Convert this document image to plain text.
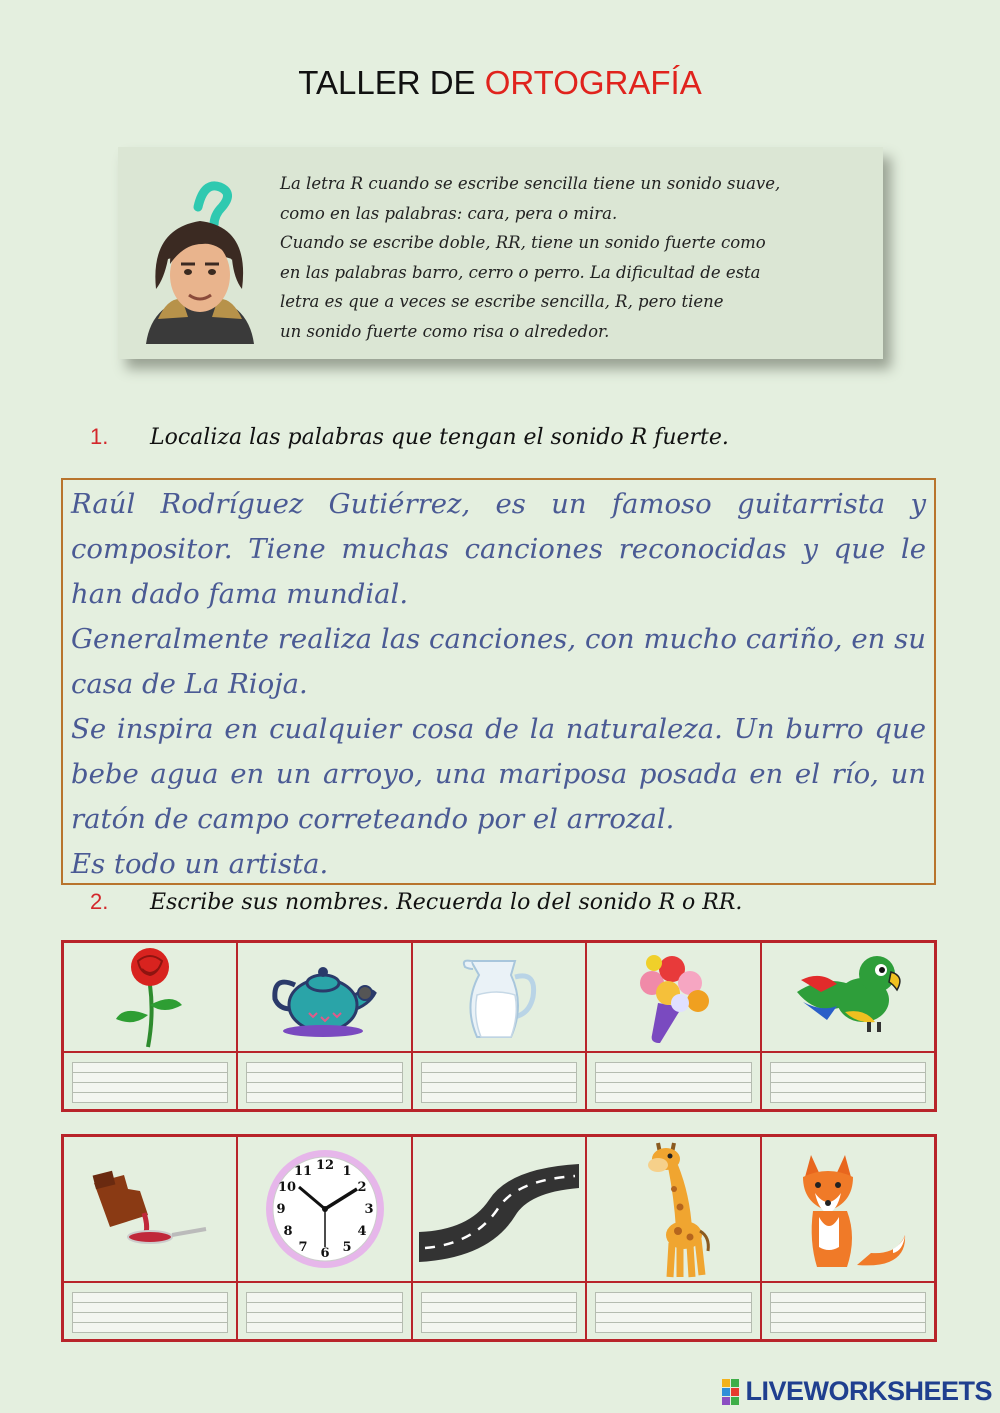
TALLER DE ORTOGRAFÍA
La letra R cuando se escribe sencilla tiene un sonido suave,
como en las palabras: cara, pera o mira.
Cuando se escribe doble, RR, tiene un sonido fuerte como
en las palabras barro, cerro o perro. La dificultad de esta
letra es que a veces se escribe sencilla, R, pero tiene
un sonido fuerte como risa o alrededor.
1. Localiza las palabras que tengan el sonido R fuerte.

Raúl Rodríguez Gutiérrez, es un famoso guitarrista y compositor. Tiene muchas canciones reconocidas y que le han dado fama mundial.

Generalmente realiza las canciones, con mucho cariño, en su casa de La Rioja.

Se inspira en cualquier cosa de la naturaleza. Un burro que bebe agua en un arroyo, una mariposa posada en el río, un ratón de campo correteando por el arrozal.

Es todo un artista.

2. Escribe sus nombres. Recuerda lo del sonido R o RR.
12 1
2
3
4
5
6
7
8
9
10
11
LIVEWORKSHEETS
